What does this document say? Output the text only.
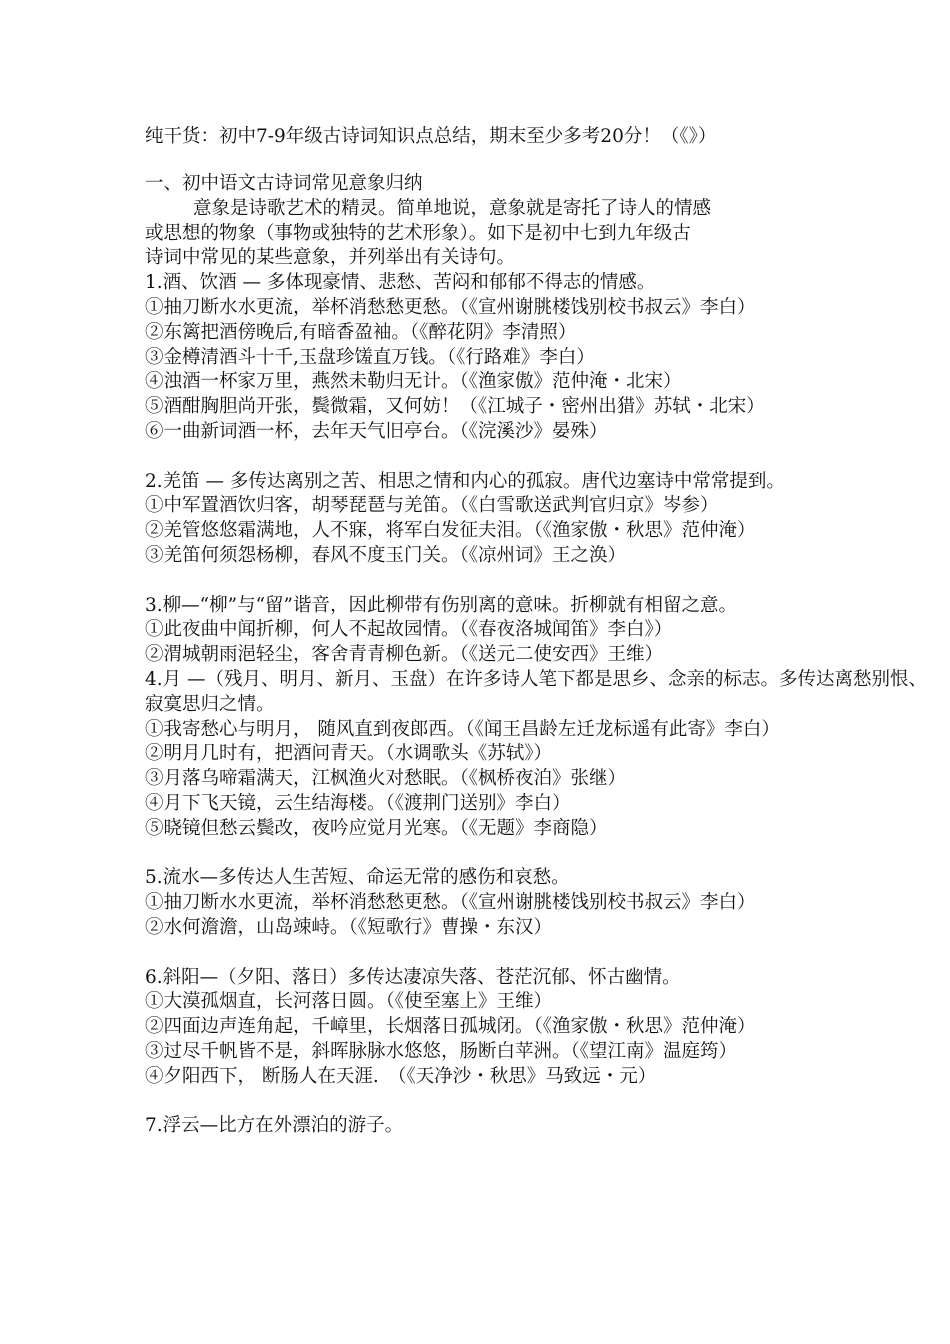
纯干货：初中7-9年级古诗词知识点总结，期末至少多考20分！（《》）
一、初中语文古诗词常见意象归纳
意象是诗歌艺术的精灵。简单地说，意象就是寄托了诗人的情感
或思想的物象（事物或独特的艺术形象）。如下是初中七到九年级古
诗词中常见的某些意象，并列举出有关诗句。
1.酒、饮酒 — 多体现豪情、悲愁、苦闷和郁郁不得志的情感。
①抽刀断水水更流，举杯消愁愁更愁。（《宣州谢朓楼饯别校书叔云》李白）
②东篱把酒傍晚后,有暗香盈袖。（《醉花阴》李清照）
③金樽清酒斗十千,玉盘珍馐直万钱。（《行路难》李白）
④浊酒一杯家万里，燕然未勒归无计。（《渔家傲》范仲淹・北宋）
⑤酒酣胸胆尚开张，鬓微霜，又何妨！（《江城子・密州出猎》苏轼・北宋）
⑥一曲新词酒一杯，去年天气旧亭台。（《浣溪沙》晏殊）
2.羌笛 — 多传达离别之苦、相思之情和内心的孤寂。唐代边塞诗中常常提到。
①中军置酒饮归客，胡琴琵琶与羌笛。（《白雪歌送武判官归京》岑参）
②羌管悠悠霜满地，人不寐，将军白发征夫泪。（《渔家傲・秋思》范仲淹）
③羌笛何须怨杨柳，春风不度玉门关。（《凉州词》王之涣）
3.柳—“柳”与“留”谐音，因此柳带有伤别离的意味。折柳就有相留之意。
①此夜曲中闻折柳，何人不起故园情。（《春夜洛城闻笛》李白》）
②渭城朝雨浥轻尘，客舍青青柳色新。（《送元二使安西》王维）
4.月 —（残月、明月、新月、玉盘）在许多诗人笔下都是思乡、念亲的标志。多传达离愁别恨、寂寞思归之情。
①我寄愁心与明月， 随风直到夜郎西。（《闻王昌龄左迁龙标遥有此寄》李白）
②明月几时有，把酒问青天。（水调歌头《苏轼》）
③月落乌啼霜满天，江枫渔火对愁眠。（《枫桥夜泊》张继）
④月下飞天镜，云生结海楼。（《渡荆门送别》李白）
⑤晓镜但愁云鬓改，夜吟应觉月光寒。（《无题》李商隐）
5.流水—多传达人生苦短、命运无常的感伤和哀愁。
①抽刀断水水更流，举杯消愁愁更愁。（《宣州谢朓楼饯别校书叔云》李白）
②水何澹澹，山岛竦峙。（《短歌行》曹操・东汉）
6.斜阳—（夕阳、落日）多传达凄凉失落、苍茫沉郁、怀古幽情。
①大漠孤烟直，长河落日圆。（《使至塞上》王维）
②四面边声连角起，千嶂里，长烟落日孤城闭。（《渔家傲・秋思》范仲淹）
③过尽千帆皆不是，斜晖脉脉水悠悠，肠断白苹洲。（《望江南》温庭筠）
④夕阳西下， 断肠人在天涯.　（《天净沙・秋思》马致远・元）
7.浮云—比方在外漂泊的游子。
